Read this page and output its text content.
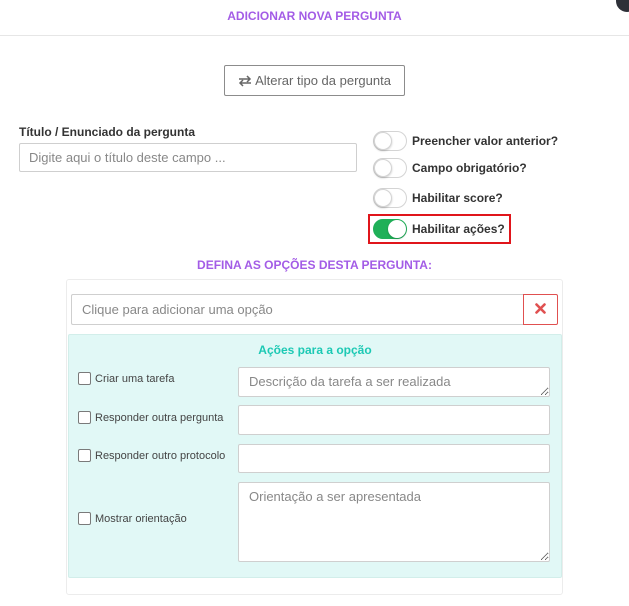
ADICIONAR NOVA PERGUNTA
Alterar tipo da pergunta
Título / Enunciado da pergunta
Digite aqui o título deste campo ...
Preencher valor anterior?
Campo obrigatório?
Habilitar score?
Habilitar ações?
DEFINA AS OPÇÕES DESTA PERGUNTA:
Clique para adicionar uma opção
Ações para a opção
Criar uma tarefa
Descrição da tarefa a ser realizada
Responder outra pergunta
Responder outro protocolo
Mostrar orientação
Orientação a ser apresentada
